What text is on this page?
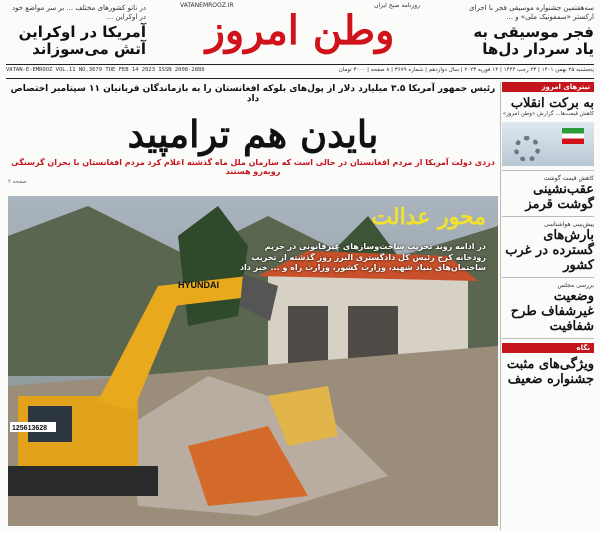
سه‌هفتمین جشنواره موسیقی فجر با اجرای ارکستر «سمفونیک ملی» و ...
فجر موسیقی به یاد سردار دل‌ها
روزنامه صبح ایران
VATANEMROOZ.IR
وطن امروز
در ناتو کشورهای مختلف ... بر سر مواضع خود در اوکراین ...
آمریکا در اوکراین آتش می‌سوزاند
پنجشنبه ۲۵ بهمن ۱۴۰۱ | ۲۳ رجب ۱۴۴۴ | ۱۴ فوریه ۲۰۲۳ | سال دوازدهم | شماره ۳۶۷۹ | ۸ صفحه | ۳۰۰۰ تومان
VATAN-E-EMROOZ VOL.11 NO.3679 TUE FEB 14 2023 ISSN 2008-2886
رئیس جمهور آمریکا ۳.۵ میلیارد دلار از پول‌های بلوکه افغانستان را به بازماندگان قربانیان ۱۱ سپتامبر اختصاص داد
بایدن هم ترامپید
دزدی دولت آمریکا از مردم افغانستان در حالی است که سازمان ملل ماه گذشته اعلام کرد مردم افغانستان با بحران گرسنگی روبه‌رو هستند
صفحه ۲
HYUNDAI
125613628
محور عدالت
در ادامه روند تخریب ساخت‌وسازهای غیرقانونی در حریم رودخانه کرج رئیس کل دادگستری البرز روز گذشته از تخریب ساختمان‌های بنیاد شهید، وزارت کشور، وزارت راه و ... خبر داد
تیترهای امروز
به برکت انقلاب
کاهش قیمت‌ها... گزارش «وطن امروز»
کاهش قیمت گوشت
عقب‌نشینی گوشت قرمز
پیش‌بینی هواشناسی
بارش‌های گسترده در غرب کشور
بررسی مجلس
وضعیت غیرشفاف طرح شفافیت
نگاه
ویژگی‌های مثبت جشنواره ضعیف
